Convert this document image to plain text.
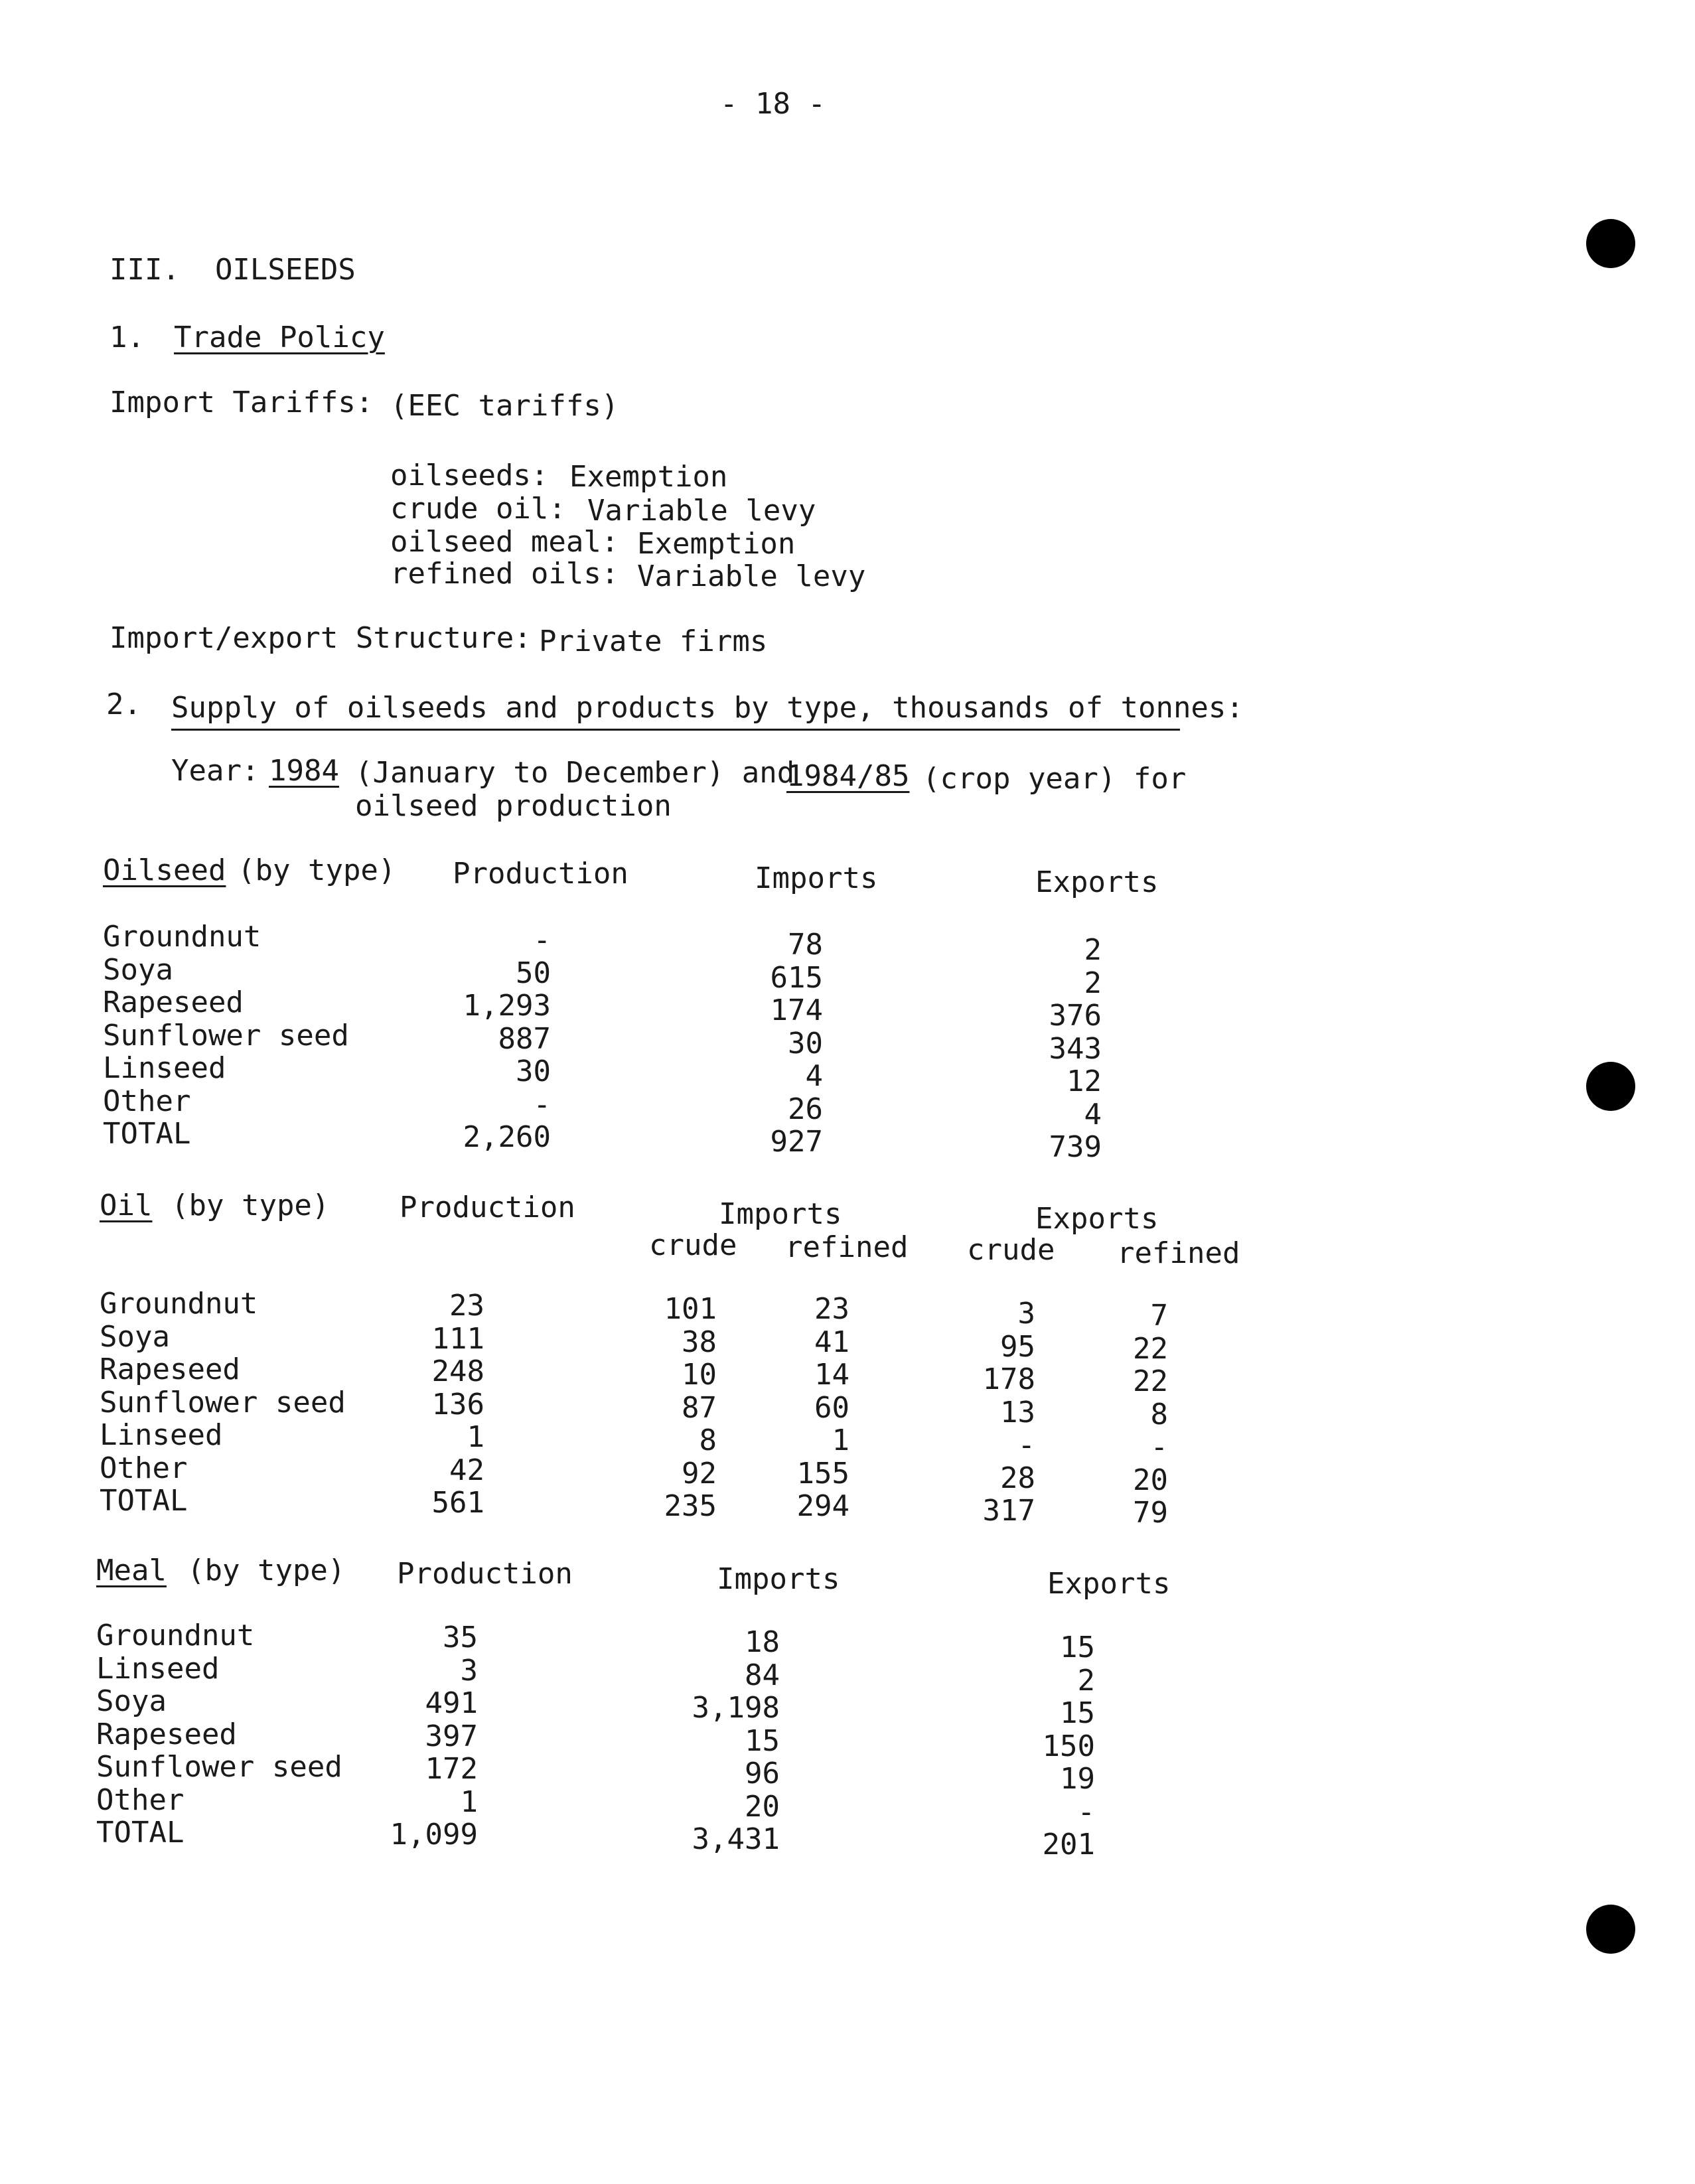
- 18 -
III.  OILSEEDS
1. Trade Policy
Import Tariffs: (EEC tariffs)
oilseeds: Exemption
crude oil: Variable levy
oilseed meal: Exemption
refined oils: Variable levy
Import/export Structure: Private firms
2. Supply of oilseeds and products by type, thousands of tonnes:
Year: 1984 (January to December) and
1984/85 (crop year) for
oilseed production
Oilseed (by type) Production	Imports	Exports
Groundnut	-	78	2
Soya	50	615	2
Rapeseed	1,293	174	376
Sunflower seed	887	30	343
Linseed	30	4	12
Other	-	26	4
TOTAL	2,260	927	739
Oil (by type) Production	Imports	Exports
crude refined crude refined
Groundnut	23	101	23	3	7
Soya	111	38	41	95	22
Rapeseed	248	10	14	178	22
Sunflower seed	136	87	60	13	8
Linseed	1	8	1	-	-
Other	42	92	155	28	20
TOTAL	561	235	294	317	79
Meal (by type) Production	Imports	Exports
Groundnut	35	18	15
Linseed	3	84	2
Soya	491	3,198	15
Rapeseed	397	15	150
Sunflower seed	172	96	19
Other	1	20	-
TOTAL	1,099	3,431	201
